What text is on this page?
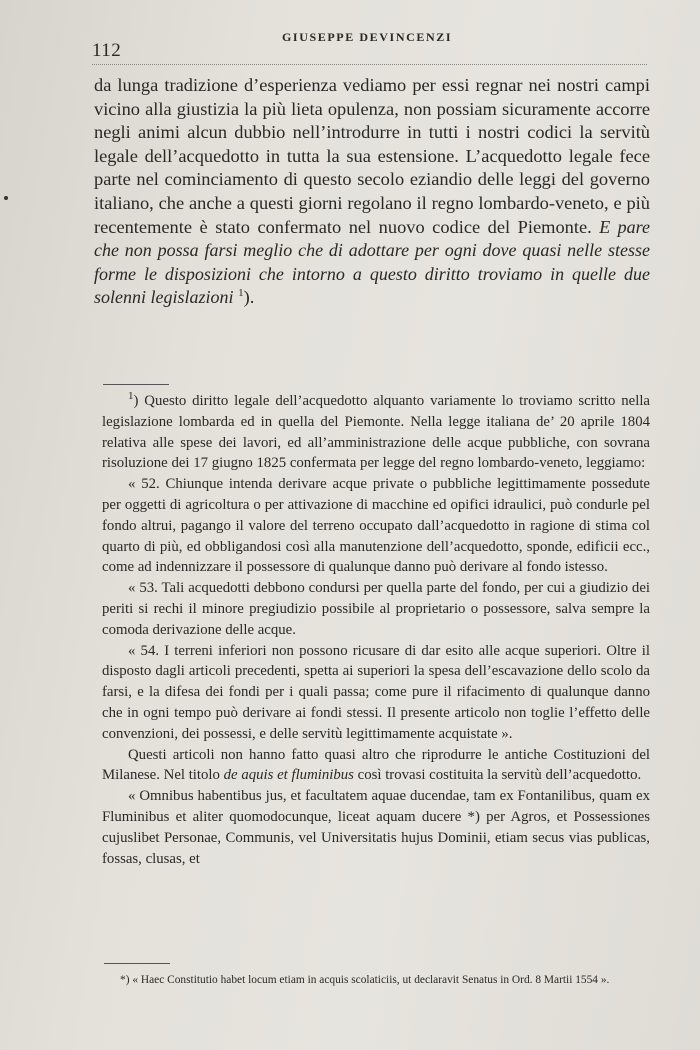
112
GIUSEPPE DEVINCENZI

da lunga tradizione d’esperienza vediamo per essi regnar nei nostri campi vicino alla giustizia la più lieta opulenza, non possiam sicuramente accorre negli animi alcun dubbio nell’introdurre in tutti i nostri codici la servitù legale dell’acquedotto in tutta la sua estensione. L’acquedotto legale fece parte nel cominciamento di questo secolo eziandio delle leggi del governo italiano, che anche a questi giorni regolano il regno lombardo-veneto, e più recentemente è stato confermato nel nuovo codice del Piemonte. E pare che non possa farsi meglio che di adottare per ogni dove quasi nelle stesse forme le disposizioni che intorno a questo diritto troviamo in quelle due solenni legislazioni $^1$).

$^1$) Questo diritto legale dell’acquedotto alquanto variamente lo troviamo scritto nella legislazione lombarda ed in quella del Piemonte. Nella legge italiana de’ 20 aprile 1804 relativa alle spese dei lavori, ed all’amministrazione delle acque pubbliche, con sovrana risoluzione dei 17 giugno 1825 confermata per legge del regno lombardo-veneto, leggiamo:

« 52. Chiunque intenda derivare acque private o pubbliche legittimamente possedute per oggetti di agricoltura o per attivazione di macchine ed opifici idraulici, può condurle pel fondo altrui, pagango il valore del terreno occupato dall’acquedotto in ragione di stima col quarto di più, ed obbligandosi così alla manutenzione dell’acquedotto, sponde, edificii ecc., come ad indennizzare il possessore di qualunque danno può derivare al fondo istesso.

« 53. Tali acquedotti debbono condursi per quella parte del fondo, per cui a giudizio dei periti si rechi il minore pregiudizio possibile al proprietario o possessore, salva sempre la comoda derivazione delle acque.

« 54. I terreni inferiori non possono ricusare di dar esito alle acque superiori. Oltre il disposto dagli articoli precedenti, spetta ai superiori la spesa dell’escavazione dello scolo da farsi, e la difesa dei fondi per i quali passa; come pure il rifacimento di qualunque danno che in ogni tempo può derivare ai fondi stessi. Il presente articolo non toglie l’effetto delle convenzioni, dei possessi, e delle servitù legittimamente acquistate ».

Questi articoli non hanno fatto quasi altro che riprodurre le antiche Costituzioni del Milanese. Nel titolo de aquis et fluminibus così trovasi costituita la servitù dell’acquedotto.

« Omnibus habentibus jus, et facultatem aquae ducendae, tam ex Fontanilibus, quam ex Fluminibus et aliter quomodocunque, liceat aquam ducere *) per Agros, et Possessiones cujuslibet Personae, Communis, vel Universitatis hujus Dominii, etiam secus vias publicas, fossas, clusas, et

*) « Haec Constitutio habet locum etiam in acquis scolaticiis, ut declaravit Senatus in Ord. 8 Martii 1554 ».
